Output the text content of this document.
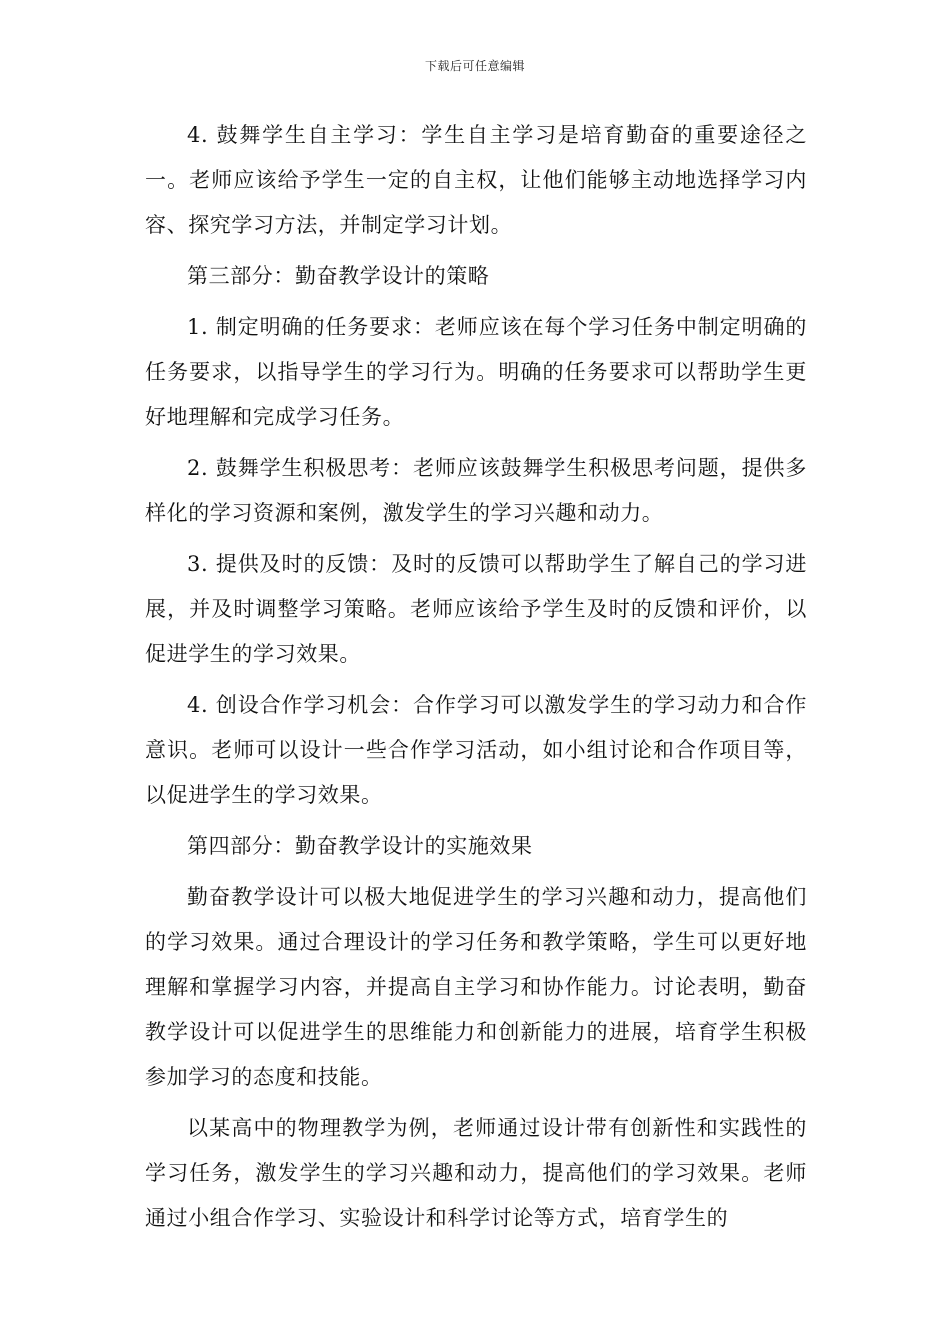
下载后可任意编辑

4. 鼓舞学生自主学习：学生自主学习是培育勤奋的重要途径之一。老师应该给予学生一定的自主权，让他们能够主动地选择学习内容、探究学习方法，并制定学习计划。

第三部分：勤奋教学设计的策略

1. 制定明确的任务要求：老师应该在每个学习任务中制定明确的任务要求，以指导学生的学习行为。明确的任务要求可以帮助学生更好地理解和完成学习任务。

2. 鼓舞学生积极思考：老师应该鼓舞学生积极思考问题，提供多样化的学习资源和案例，激发学生的学习兴趣和动力。

3. 提供及时的反馈：及时的反馈可以帮助学生了解自己的学习进展，并及时调整学习策略。老师应该给予学生及时的反馈和评价，以促进学生的学习效果。

4. 创设合作学习机会：合作学习可以激发学生的学习动力和合作意识。老师可以设计一些合作学习活动，如小组讨论和合作项目等，以促进学生的学习效果。

第四部分：勤奋教学设计的实施效果

勤奋教学设计可以极大地促进学生的学习兴趣和动力，提高他们的学习效果。通过合理设计的学习任务和教学策略，学生可以更好地理解和掌握学习内容，并提高自主学习和协作能力。讨论表明，勤奋教学设计可以促进学生的思维能力和创新能力的进展，培育学生积极参加学习的态度和技能。

以某高中的物理教学为例，老师通过设计带有创新性和实践性的学习任务，激发学生的学习兴趣和动力，提高他们的学习效果。老师通过小组合作学习、实验设计和科学讨论等方式，培育学生的
